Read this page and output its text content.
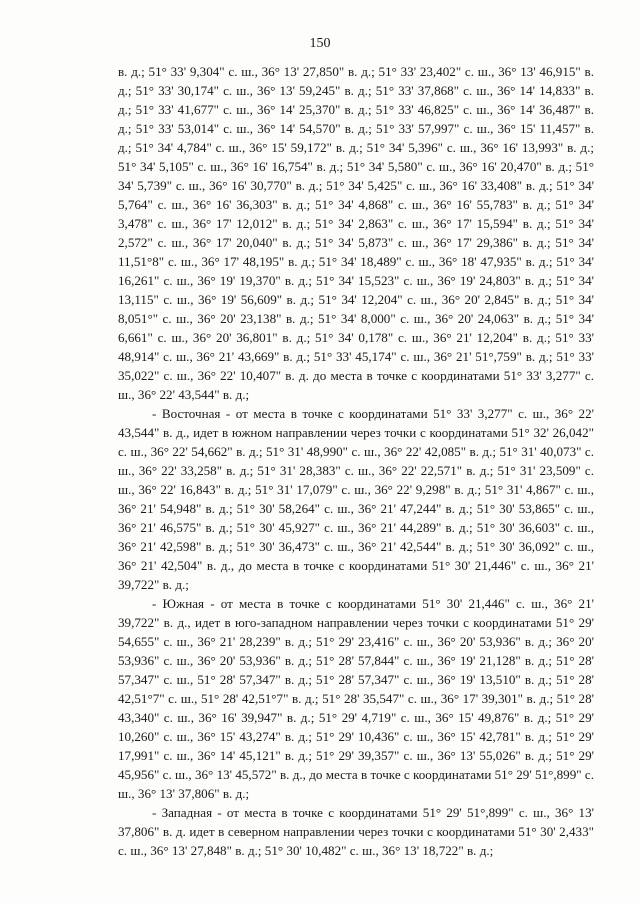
150

в. д.; 51° 33' 9,304" с. ш., 36° 13' 27,850" в. д.; 51° 33' 23,402" с. ш., 36° 13' 46,915" в. д.; 51° 33' 30,174" с. ш., 36° 13' 59,245" в. д.; 51° 33' 37,868" с. ш., 36° 14' 14,833" в. д.; 51° 33' 41,677" с. ш., 36° 14' 25,370" в. д.; 51° 33' 46,825" с. ш., 36° 14' 36,487" в. д.; 51° 33' 53,014" с. ш., 36° 14' 54,570" в. д.; 51° 33' 57,997" с. ш., 36° 15' 11,457" в. д.; 51° 34' 4,784" с. ш., 36° 15' 59,172" в. д.; 51° 34' 5,396" с. ш., 36° 16' 13,993" в. д.; 51° 34' 5,105" с. ш., 36° 16' 16,754" в. д.; 51° 34' 5,580" с. ш., 36° 16' 20,470" в. д.; 51° 34' 5,739" с. ш., 36° 16' 30,770" в. д.; 51° 34' 5,425" с. ш., 36° 16' 33,408" в. д.; 51° 34' 5,764" с. ш., 36° 16' 36,303" в. д.; 51° 34' 4,868" с. ш., 36° 16' 55,783" в. д.; 51° 34' 3,478" с. ш., 36° 17' 12,012" в. д.; 51° 34' 2,863" с. ш., 36° 17' 15,594" в. д.; 51° 34' 2,572" с. ш., 36° 17' 20,040" в. д.; 51° 34' 5,873" с. ш., 36° 17' 29,386" в. д.; 51° 34' 11,51°8" с. ш., 36° 17' 48,195" в. д.; 51° 34' 18,489" с. ш., 36° 18' 47,935" в. д.; 51° 34' 16,261" с. ш., 36° 19' 19,370" в. д.; 51° 34' 15,523" с. ш., 36° 19' 24,803" в. д.; 51° 34' 13,115" с. ш., 36° 19' 56,609" в. д.; 51° 34' 12,204" с. ш., 36° 20' 2,845" в. д.; 51° 34' 8,051°" с. ш., 36° 20' 23,138" в. д.; 51° 34' 8,000" с. ш., 36° 20' 24,063" в. д.; 51° 34' 6,661" с. ш., 36° 20' 36,801" в. д.; 51° 34' 0,178" с. ш., 36° 21' 12,204" в. д.; 51° 33' 48,914" с. ш., 36° 21' 43,669" в. д.; 51° 33' 45,174" с. ш., 36° 21' 51°,759" в. д.; 51° 33' 35,022" с. ш., 36° 22' 10,407" в. д. до места в точке с координатами 51° 33' 3,277" с. ш., 36° 22' 43,544" в. д.;

- Восточная - от места в точке с координатами 51° 33' 3,277" с. ш., 36° 22' 43,544" в. д., идет в южном направлении через точки с координатами 51° 32' 26,042" с. ш., 36° 22' 54,662" в. д.; 51° 31' 48,990" с. ш., 36° 22' 42,085" в. д.; 51° 31' 40,073" с. ш., 36° 22' 33,258" в. д.; 51° 31' 28,383" с. ш., 36° 22' 22,571" в. д.; 51° 31' 23,509" с. ш., 36° 22' 16,843" в. д.; 51° 31' 17,079" с. ш., 36° 22' 9,298" в. д.; 51° 31' 4,867" с. ш., 36° 21' 54,948" в. д.; 51° 30' 58,264" с. ш., 36° 21' 47,244" в. д.; 51° 30' 53,865" с. ш., 36° 21' 46,575" в. д.; 51° 30' 45,927" с. ш., 36° 21' 44,289" в. д.; 51° 30' 36,603" с. ш., 36° 21' 42,598" в. д.; 51° 30' 36,473" с. ш., 36° 21' 42,544" в. д.; 51° 30' 36,092" с. ш., 36° 21' 42,504" в. д., до места в точке с координатами 51° 30' 21,446" с. ш., 36° 21' 39,722" в. д.;

- Южная - от места в точке с координатами 51° 30' 21,446" с. ш., 36° 21' 39,722" в. д., идет в юго-западном направлении через точки с координатами 51° 29' 54,655" с. ш., 36° 21' 28,239" в. д.; 51° 29' 23,416" с. ш., 36° 20' 53,936" в. д.; 36° 20' 53,936" с. ш., 36° 20' 53,936" в. д.; 51° 28' 57,844" с. ш., 36° 19' 21,128" в. д.; 51° 28' 57,347" с. ш., 51° 28' 57,347" в. д.; 51° 28' 57,347" с. ш., 36° 19' 13,510" в. д.; 51° 28' 42,51°7" с. ш., 51° 28' 42,51°7" в. д.; 51° 28' 35,547" с. ш., 36° 17' 39,301" в. д.; 51° 28' 43,340" с. ш., 36° 16' 39,947" в. д.; 51° 29' 4,719" с. ш., 36° 15' 49,876" в. д.; 51° 29' 10,260" с. ш., 36° 15' 43,274" в. д.; 51° 29' 10,436" с. ш., 36° 15' 42,781" в. д.; 51° 29' 17,991" с. ш., 36° 14' 45,121" в. д.; 51° 29' 39,357" с. ш., 36° 13' 55,026" в. д.; 51° 29' 45,956" с. ш., 36° 13' 45,572" в. д., до места в точке с координатами 51° 29' 51°,899" с. ш., 36° 13' 37,806" в. д.;

- Западная - от места в точке с координатами 51° 29' 51°,899" с. ш., 36° 13' 37,806" в. д. идет в северном направлении через точки с координатами 51° 30' 2,433" с. ш., 36° 13' 27,848" в. д.; 51° 30' 10,482" с. ш., 36° 13' 18,722" в. д.;
